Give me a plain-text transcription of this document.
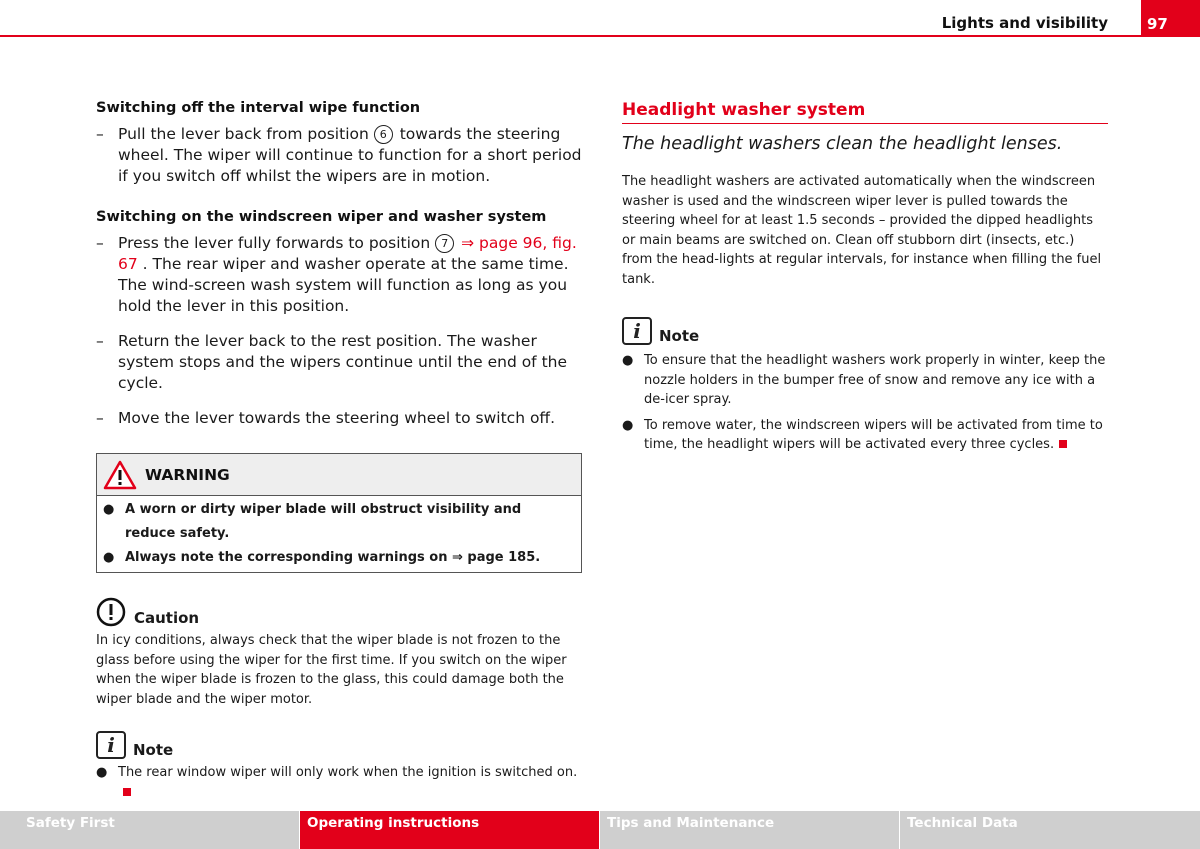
Lights and visibility	97
Switching off the interval wipe function
– Pull the lever back from position 6 towards the steering wheel. The wiper will continue to function for a short period if you switch off whilst the wipers are in motion.
Switching on the windscreen wiper and washer system
– Press the lever fully forwards to position 7 ⇒ page 96, fig. 67 . The rear wiper and washer operate at the same time. The wind-screen wash system will function as long as you hold the lever in this position.
– Return the lever back to the rest position. The washer system stops and the wipers continue until the end of the cycle.
– Move the lever towards the steering wheel to switch off.
WARNING
● A worn or dirty wiper blade will obstruct visibility and reduce safety.
● Always note the corresponding warnings on ⇒ page 185.
Caution
In icy conditions, always check that the wiper blade is not frozen to the glass before using the wiper for the first time. If you switch on the wiper when the wiper blade is frozen to the glass, this could damage both the wiper blade and the wiper motor.
i	Note
● The rear window wiper will only work when the ignition is switched on.
Headlight washer system
The headlight washers clean the headlight lenses.
The headlight washers are activated automatically when the windscreen washer is used and the windscreen wiper lever is pulled towards the steering wheel for at least 1.5 seconds – provided the dipped headlights or main beams are switched on. Clean off stubborn dirt (insects, etc.) from the head-lights at regular intervals, for instance when filling the fuel tank.
i	Note
● To ensure that the headlight washers work properly in winter, keep the nozzle holders in the bumper free of snow and remove any ice with a de-icer spray.
● To remove water, the windscreen wipers will be activated from time to time, the headlight wipers will be activated every three cycles.
Safety First	Operating instructions	Tips and Maintenance	Technical Data
